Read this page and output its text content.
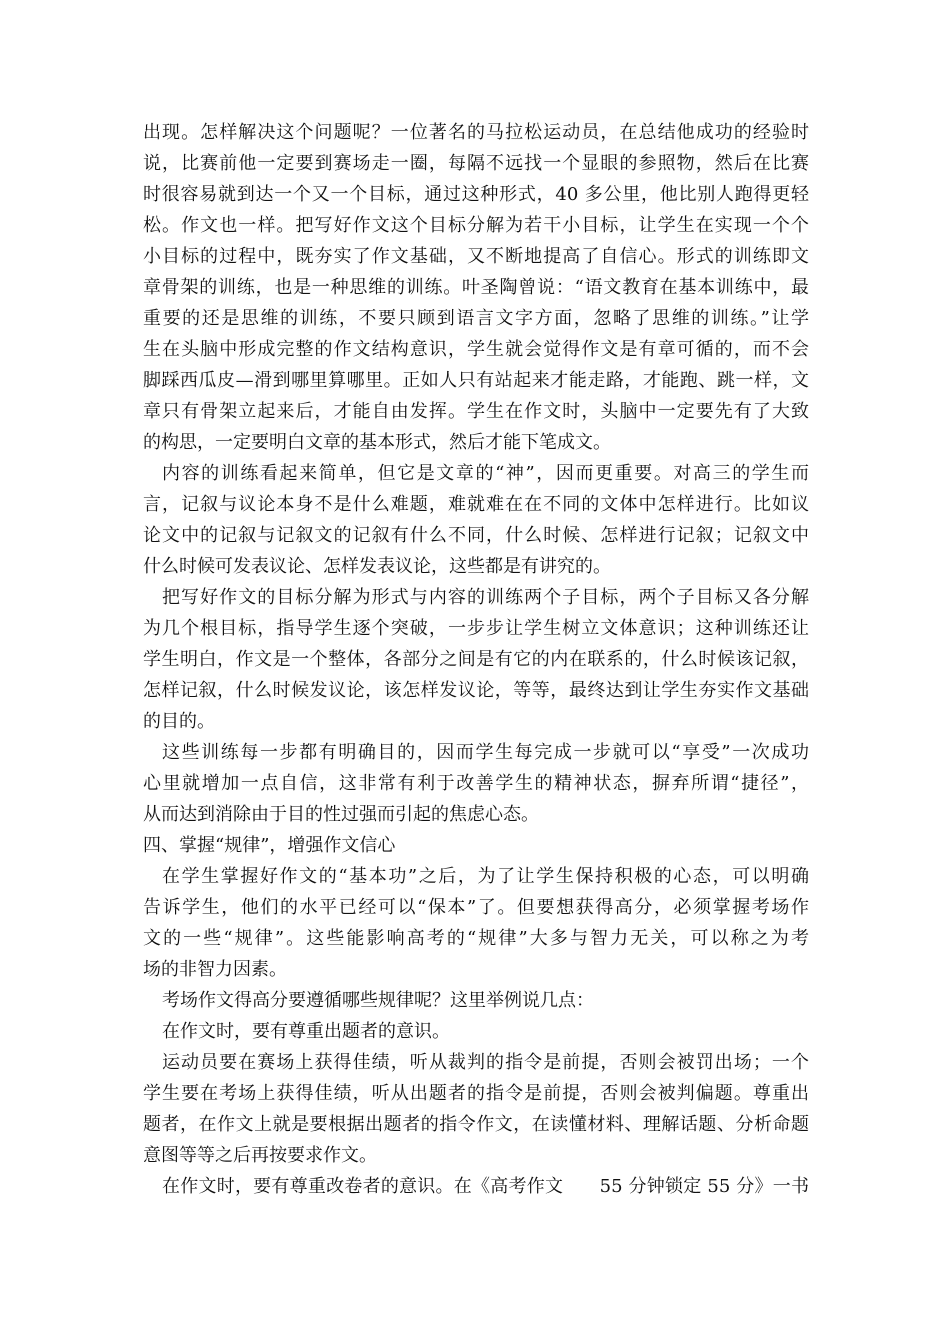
出现。怎样解决这个问题呢？一位著名的马拉松运动员，在总结他成功的经验时
说，比赛前他一定要到赛场走一圈，每隔不远找一个显眼的参照物，然后在比赛
时很容易就到达一个又一个目标，通过这种形式，40 多公里，他比别人跑得更轻
松。作文也一样。把写好作文这个目标分解为若干小目标，让学生在实现一个个
小目标的过程中，既夯实了作文基础，又不断地提高了自信心。形式的训练即文
章骨架的训练，也是一种思维的训练。叶圣陶曾说：“语文教育在基本训练中，最
重要的还是思维的训练，不要只顾到语言文字方面，忽略了思维的训练。”让学
生在头脑中形成完整的作文结构意识，学生就会觉得作文是有章可循的，而不会
脚踩西瓜皮—滑到哪里算哪里。正如人只有站起来才能走路，才能跑、跳一样，文
章只有骨架立起来后，才能自由发挥。学生在作文时，头脑中一定要先有了大致
的构思，一定要明白文章的基本形式，然后才能下笔成文。
内容的训练看起来简单，但它是文章的“神”，因而更重要。对高三的学生而
言，记叙与议论本身不是什么难题，难就难在在不同的文体中怎样进行。比如议
论文中的记叙与记叙文的记叙有什么不同，什么时候、怎样进行记叙；记叙文中
什么时候可发表议论、怎样发表议论，这些都是有讲究的。
把写好作文的目标分解为形式与内容的训练两个子目标，两个子目标又各分解
为几个根目标，指导学生逐个突破，一步步让学生树立文体意识；这种训练还让
学生明白，作文是一个整体，各部分之间是有它的内在联系的，什么时候该记叙，
怎样记叙，什么时候发议论，该怎样发议论，等等，最终达到让学生夯实作文基础
的目的。
这些训练每一步都有明确目的，因而学生每完成一步就可以“享受”一次成功
心里就增加一点自信，这非常有利于改善学生的精神状态，摒弃所谓“捷径”，
从而达到消除由于目的性过强而引起的焦虑心态。
四、掌握“规律”，增强作文信心
在学生掌握好作文的“基本功”之后，为了让学生保持积极的心态，可以明确
告诉学生，他们的水平已经可以“保本”了。但要想获得高分，必须掌握考场作
文的一些“规律”。这些能影响高考的“规律”大多与智力无关，可以称之为考
场的非智力因素。
考场作文得高分要遵循哪些规律呢？这里举例说几点：
在作文时，要有尊重出题者的意识。
运动员要在赛场上获得佳绩，听从裁判的指令是前提，否则会被罚出场；一个
学生要在考场上获得佳绩，听从出题者的指令是前提，否则会被判偏题。尊重出
题者，在作文上就是要根据出题者的指令作文，在读懂材料、理解话题、分析命题
意图等等之后再按要求作文。
在作文时，要有尊重改卷者的意识。在《高考作文　　55 分钟锁定 55 分》一书
